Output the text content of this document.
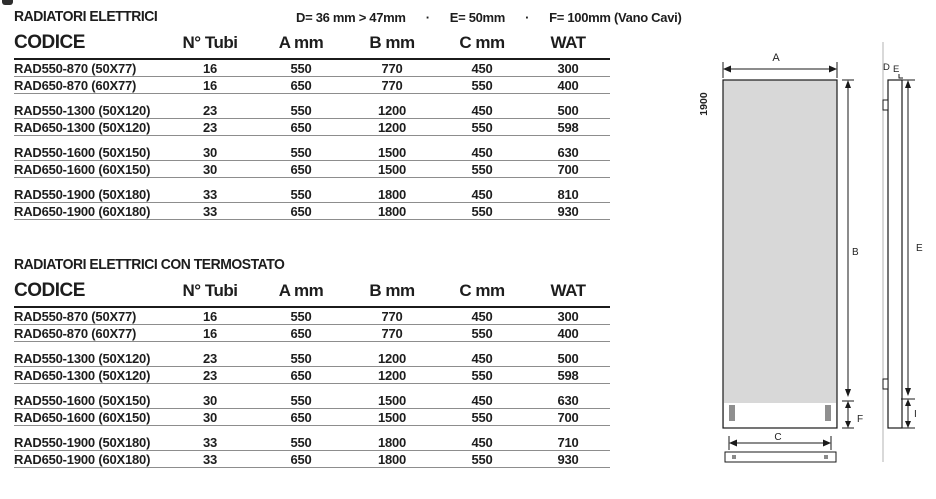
RADIATORI ELETTRICI	D= 36 mm > 47mm · E= 50mm · F= 100mm (Vano Cavi)
CODICE	N° Tubi	A mm	B mm	C mm	WAT
RAD550-870 (50X77)	16	550	770	450	300
RAD650-870 (60X77)	16	650	770	550	400

RAD550-1300 (50X120)	23	550	1200	450	500
RAD650-1300 (50X120)	23	650	1200	550	598

RAD550-1600 (50X150)	30	550	1500	450	630
RAD650-1600 (60X150)	30	650	1500	550	700

RAD550-1900 (50X180)	33	550	1800	450	810
RAD650-1900 (60X180)	33	650	1800	550	930
RADIATORI ELETTRICI CON TERMOSTATO
CODICE	N° Tubi	A mm	B mm	C mm	WAT
RAD550-870 (50X77)	16	550	770	450	300
RAD650-870 (60X77)	16	650	770	550	400

RAD550-1300 (50X120)	23	550	1200	450	500
RAD650-1300 (50X120)	23	650	1200	550	598

RAD550-1600 (50X150)	30	550	1500	450	630
RAD650-1600 (60X150)	30	650	1500	550	700

RAD550-1900 (50X180)	33	550	1800	450	710
RAD650-1900 (60X180)	33	650	1800	550	930
A
1900
B
F
C
D E
E
I
